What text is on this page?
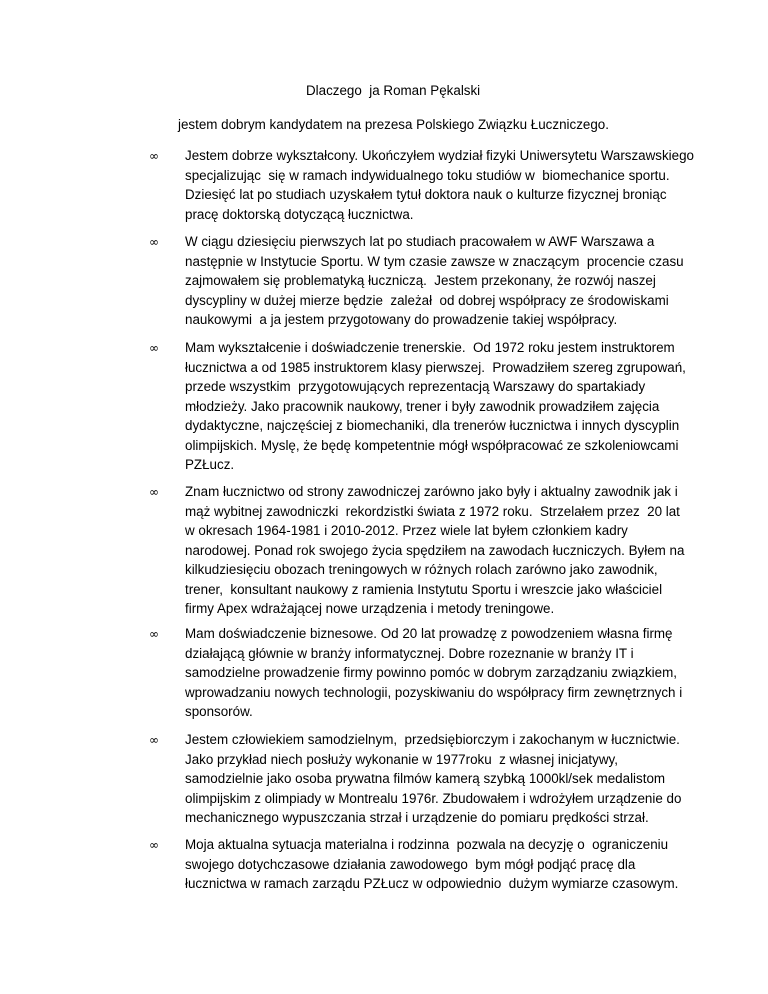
Dlaczego  ja Roman Pękalski
jestem dobrym kandydatem na prezesa Polskiego Związku Łuczniczego.
∞ Jestem dobrze wykształcony. Ukończyłem wydział fizyki Uniwersytetu Warszawskiego
specjalizując  się w ramach indywidualnego toku studiów w  biomechanice sportu.
Dziesięć lat po studiach uzyskałem tytuł doktora nauk o kulturze fizycznej broniąc
pracę doktorską dotyczącą łucznictwa.
∞ W ciągu dziesięciu pierwszych lat po studiach pracowałem w AWF Warszawa a
następnie w Instytucie Sportu. W tym czasie zawsze w znaczącym  procencie czasu
zajmowałem się problematyką łuczniczą.  Jestem przekonany, że rozwój naszej
dyscypliny w dużej mierze będzie  zależał  od dobrej współpracy ze środowiskami
naukowymi  a ja jestem przygotowany do prowadzenie takiej współpracy.
∞ Mam wykształcenie i doświadczenie trenerskie.  Od 1972 roku jestem instruktorem
łucznictwa a od 1985 instruktorem klasy pierwszej.  Prowadziłem szereg zgrupowań,
przede wszystkim  przygotowujących reprezentacją Warszawy do spartakiady
młodzieży. Jako pracownik naukowy, trener i były zawodnik prowadziłem zajęcia
dydaktyczne, najczęściej z biomechaniki, dla trenerów łucznictwa i innych dyscyplin
olimpijskich. Myslę, że będę kompetentnie mógł współpracować ze szkoleniowcami
PZŁucz.
∞ Znam łucznictwo od strony zawodniczej zarówno jako były i aktualny zawodnik jak i
mąż wybitnej zawodniczki  rekordzistki świata z 1972 roku.  Strzelałem przez  20 lat
w okresach 1964-1981 i 2010-2012. Przez wiele lat byłem członkiem kadry
narodowej. Ponad rok swojego życia spędziłem na zawodach łuczniczych. Byłem na
kilkudziesięciu obozach treningowych w różnych rolach zarówno jako zawodnik,
trener,  konsultant naukowy z ramienia Instytutu Sportu i wreszcie jako właściciel
firmy Apex wdrażającej nowe urządzenia i metody treningowe.
∞ Mam doświadczenie biznesowe. Od 20 lat prowadzę z powodzeniem własna firmę
działającą głównie w branży informatycznej. Dobre rozeznanie w branży IT i
samodzielne prowadzenie firmy powinno pomóc w dobrym zarządzaniu związkiem,
wprowadzaniu nowych technologii, pozyskiwaniu do współpracy firm zewnętrznych i
sponsorów.
∞ Jestem człowiekiem samodzielnym,  przedsiębiorczym i zakochanym w łucznictwie.
Jako przykład niech posłuży wykonanie w 1977roku  z własnej inicjatywy,
samodzielnie jako osoba prywatna filmów kamerą szybką 1000kl/sek medalistom
olimpijskim z olimpiady w Montrealu 1976r. Zbudowałem i wdrożyłem urządzenie do
mechanicznego wypuszczania strzał i urządzenie do pomiaru prędkości strzał.
∞ Moja aktualna sytuacja materialna i rodzinna  pozwala na decyzję o  ograniczeniu
swojego dotychczasowe działania zawodowego  bym mógł podjąć pracę dla
łucznictwa w ramach zarządu PZŁucz w odpowiednio  dużym wymiarze czasowym.
